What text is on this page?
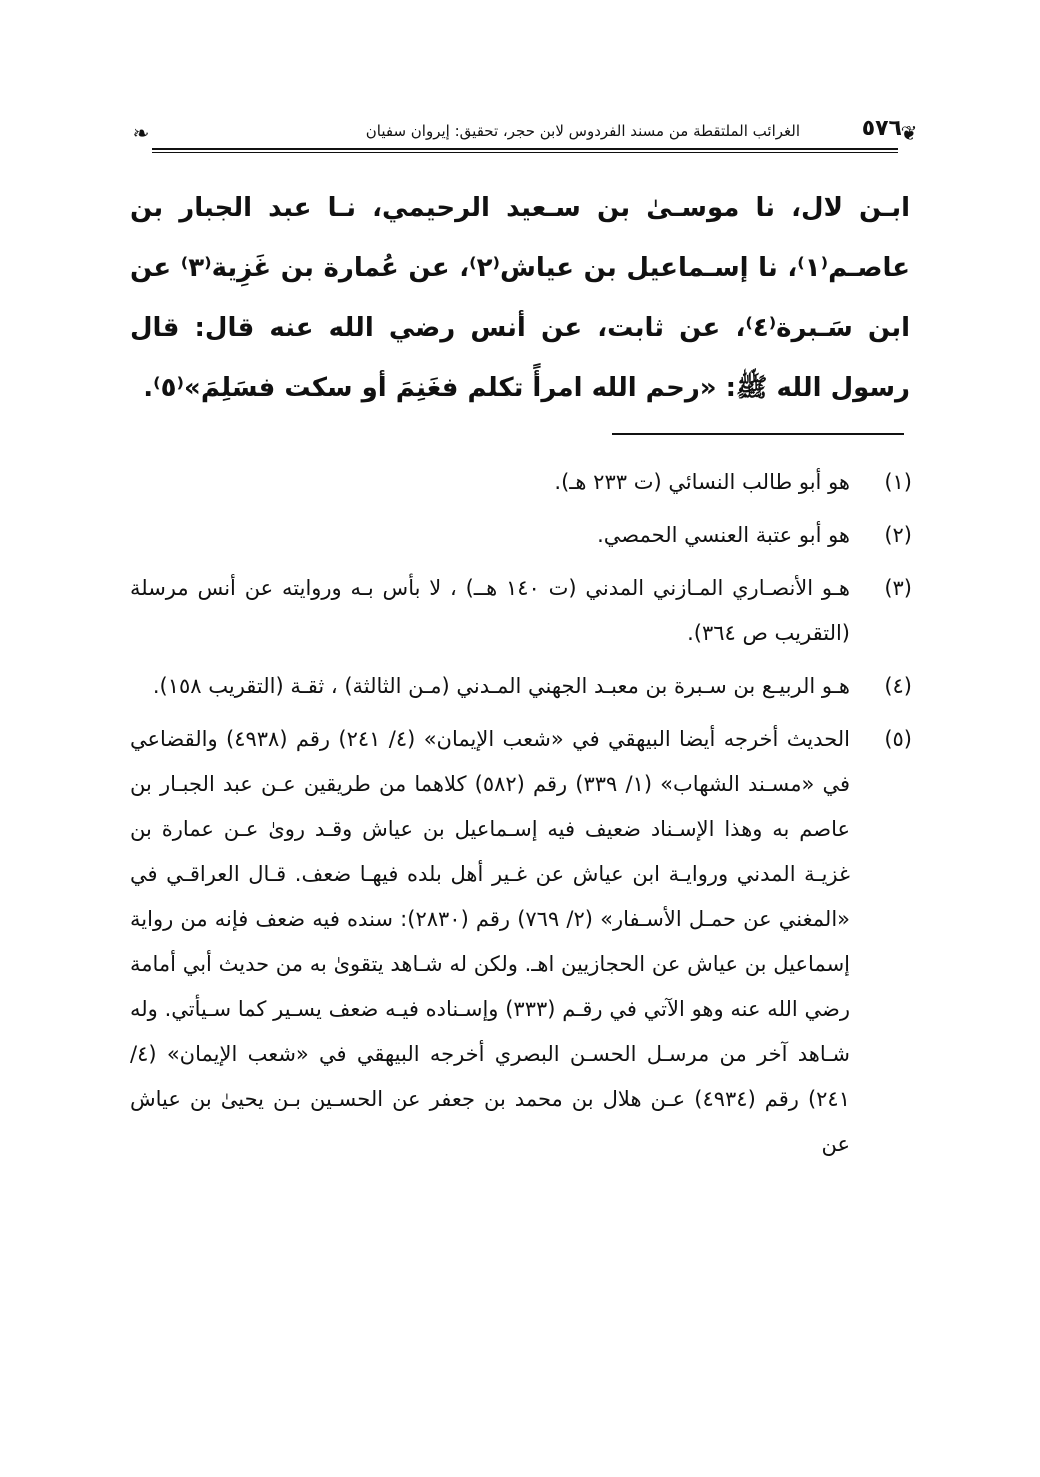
❦
٥٧٦
الغرائب الملتقطة من مسند الفردوس لابن حجر، تحقيق: إيروان سفيان
❧

ابـن لال، نا موسـىٰ بن سـعيد الرحيمي، نـا عبد الجبار بن عاصـم⁽١⁾، نا إسـماعيل بن عياش⁽٢⁾، عن عُمارة بن غَزِية⁽٣⁾ عن ابن سَـبرة⁽٤⁾، عن ثابت، عن أنس رضي الله عنه قال: قال رسول الله ﷺ: «رحم الله امرأً تكلم فغَنِمَ أو سكت فسَلِمَ»⁽٥⁾.

(١)
هو أبو طالب النسائي (ت ٢٣٣ هـ).
(٢)
هو أبو عتبة العنسي الحمصي.
(٣)
هـو الأنصـاري المـازني المدني (ت ١٤٠ هــ) ، لا بأس بـه وروايته عن أنس مرسلة (التقريب ص ٣٦٤).
(٤)
هـو الربيـع بن سـبرة بن معبـد الجهني المـدني (مـن الثالثة) ، ثقـة (التقريب ١٥٨).
(٥)
الحديث أخرجه أيضا البيهقي في «شعب الإيمان» (٤/ ٢٤١) رقم (٤٩٣٨) والقضاعي في «مسـند الشهاب» (١/ ٣٣٩) رقم (٥٨٢) كلاهما من طريقين عـن عبد الجبـار بن عاصم به وهذا الإسـناد ضعيف فيه إسـماعيل بن عياش وقـد روىٰ عـن عمارة بن غزيـة المدني وروايـة ابن عياش عن غـير أهل بلده فيهـا ضعف. قـال العراقـي في «المغني عن حمـل الأسـفار» (٢/ ٧٦٩) رقم (٢٨٣٠): سنده فيه ضعف فإنه من رواية إسماعيل بن عياش عن الحجازيين اهـ. ولكن له شـاهد يتقوىٰ به من حديث أبي أمامة رضي الله عنه وهو الآتي في رقـم (٣٣٣) وإسـناده فيـه ضعف يسـير كما سـيأتي. وله شـاهد آخر من مرسـل الحسـن البصري أخرجه البيهقي في «شعب الإيمان» (٤/ ٢٤١) رقم (٤٩٣٤) عـن هلال بن محمد بن جعفر عن الحسـين بـن يحيىٰ بن عياش عن
